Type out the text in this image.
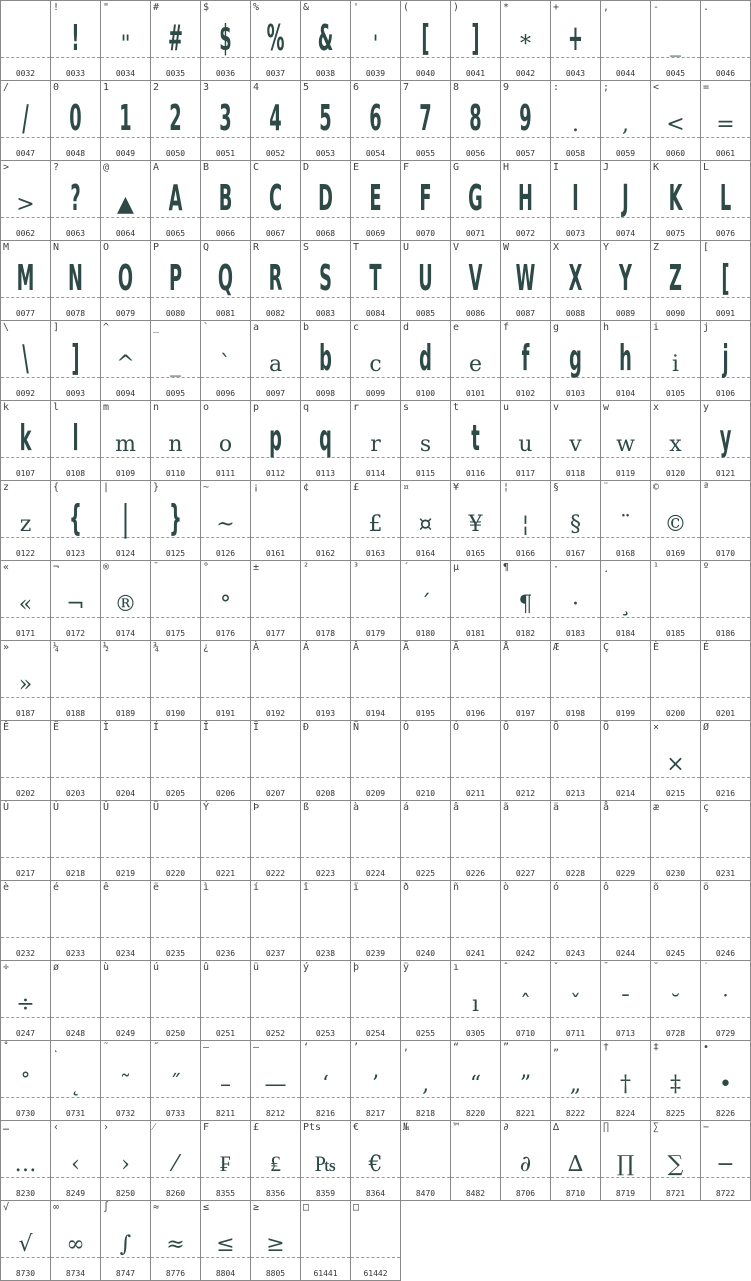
0032
!
!
0033
"
"
0034
#
#
0035
$
$
0036
%
%
0037
&
&
0038
'
'
0039
(
[
0040
)
]
0041
*
*
0042
+
+
0043
,
0044
-
_
0045
.
0046
/
/
0047
0
0
0048
1
1
0049
2
2
0050
3
3
0051
4
4
0052
5
5
0053
6
6
0054
7
7
0055
8
8
0056
9
9
0057
:
.
0058
;
,
0059
<
<
0060
=
=
0061
>
>
0062
?
?
0063
@
▲
0064
A
A
0065
B
B
0066
C
C
0067
D
D
0068
E
E
0069
F
F
0070
G
G
0071
H
H
0072
I
I
0073
J
J
0074
K
K
0075
L
L
0076
M
M
0077
N
N
0078
O
O
0079
P
P
0080
Q
Q
0081
R
R
0082
S
S
0083
T
T
0084
U
U
0085
V
V
0086
W
W
0087
X
X
0088
Y
Y
0089
Z
Z
0090
[
[
0091
\
\
0092
]
]
0093
^
^
0094
_
_
0095
`
`
0096
a
a
0097
b
b
0098
c
c
0099
d
d
0100
e
e
0101
f
f
0102
g
g
0103
h
h
0104
i
i
0105
j
j
0106
k
k
0107
l
l
0108
m
m
0109
n
n
0110
o
o
0111
p
p
0112
q
q
0113
r
r
0114
s
s
0115
t
t
0116
u
u
0117
v
v
0118
w
w
0119
x
x
0120
y
y
0121
z
z
0122
{
{
0123
|
|
0124
}
}
0125
~
~
0126
¡
0161
¢
0162
£
£
0163
¤
¤
0164
¥
¥
0165
¦
¦
0166
§
§
0167
¨
¨
0168
©
©
0169
ª
0170
«
«
0171
¬
¬
0172
®
®
0174
¯
0175
°
°
0176
±
0177
²
0178
³
0179
´
´
0180
µ
0181
¶
¶
0182
·
·
0183
¸
¸
0184
¹
0185
º
0186
»
»
0187
¼
0188
½
0189
¾
0190
¿
0191
À
0192
Á
0193
Â
0194
Ã
0195
Ä
0196
Å
0197
Æ
0198
Ç
0199
È
0200
É
0201
Ê
0202
Ë
0203
Ì
0204
Í
0205
Î
0206
Ï
0207
Ð
0208
Ñ
0209
Ò
0210
Ó
0211
Ô
0212
Õ
0213
Ö
0214
×
×
0215
Ø
0216
Ù
0217
Ú
0218
Û
0219
Ü
0220
Ý
0221
Þ
0222
ß
0223
à
0224
á
0225
â
0226
ã
0227
ä
0228
å
0229
æ
0230
ç
0231
è
0232
é
0233
ê
0234
ë
0235
ì
0236
í
0237
î
0238
ï
0239
ð
0240
ñ
0241
ò
0242
ó
0243
ô
0244
õ
0245
ö
0246
÷
÷
0247
ø
0248
ù
0249
ú
0250
û
0251
ü
0252
ý
0253
þ
0254
ÿ
0255
ı
ı
0305
ˆ
ˆ
0710
ˇ
ˇ
0711
ˉ
ˉ
0713
˘
˘
0728
˙
˙
0729
˚
˚
0730
˛
˛
0731
˜
˜
0732
˝
˝
0733
–
–
8211
—
—
8212
‘
‘
8216
’
’
8217
‚
‚
8218
“
“
8220
”
”
8221
„
„
8222
†
†
8224
‡
‡
8225
•
•
8226
…
…
8230
‹
‹
8249
›
›
8250
⁄
⁄
8260
F
₣
8355
£
₤
8356
Pts
₧
8359
€
€
8364
№
8470
™
8482
∂
∂
8706
∆
∆
8710
∏
∏
8719
∑
∑
8721
−
−
8722
√
√
8730
∞
∞
8734
∫
∫
8747
≈
≈
8776
≤
≤
8804
≥
≥
8805
□
61441
□
61442
